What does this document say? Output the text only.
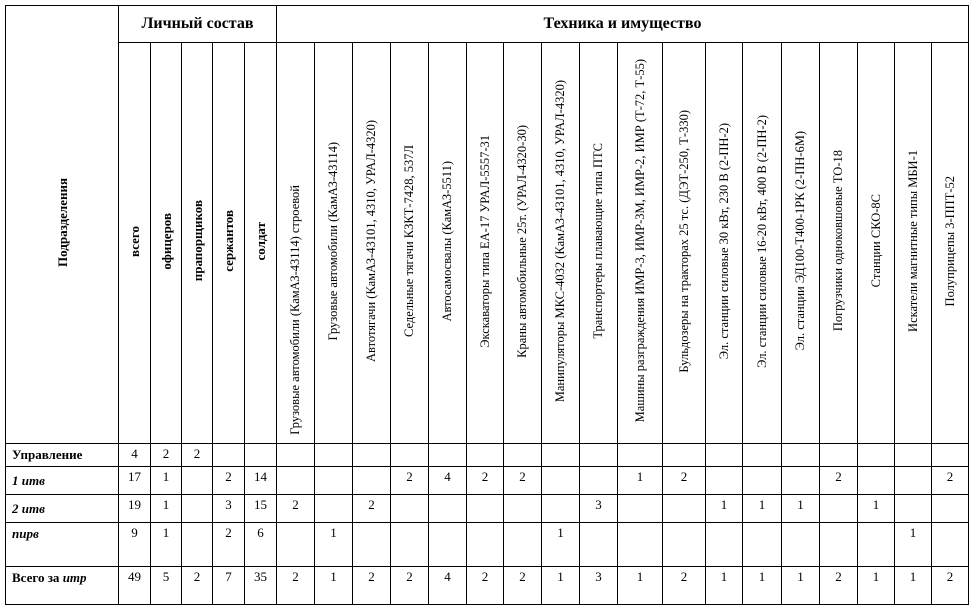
Подразделения	Личный состав					Техника и имущество																	
	всего	офицеров	прапорщиков	сержантов	солдат	Грузовые автомобили (КамАЗ-43114) строевой	Грузовые автомобили (КамАЗ-43114)	Автотягачи (КамАЗ-43101, 4310, УРАЛ-4320)	Седельные тягачи КЗКТ-7428, 537Л	Автосамосвалы (КамАЗ-5511)	Экскаваторы типа ЕА-17 УРАЛ-5557-31	Краны автомобильные 25т. (УРАЛ-4320-30)	Манипуляторы МКС-4032 (КамАЗ-43101, 4310, УРАЛ-4320)	Транспортеры плавающие типа ПТС	Машины разграждения ИМР-3, ИМР-3М, ИМР-2, ИМР (Т-72, Т-55)	Бульдозеры на тракторах 25 тс. (ДЭТ-250, Т-330)	Эл. станции силовые 30 кВт, 230 В (2-ПН-2)	Эл. станции силовые 16-20 кВт, 400 В (2-ПН-2)	Эл. станции ЭД100-Т400-1РК (2-ПН-6М)	Погрузчики одноковшовые ТО-18	Станции СКО-8С	Искатели магнитные типы МБИ-1	Полуприцепы 3-ППТ-52
Управление	4	2	2																				
1 итв	17	1		2	14				2	4	2	2			1	2				2			2
2 итв	19	1		3	15	2		2						3			1	1	1		1		
пирв	9	1		2	6		1						1									1	
Всего за итр	49	5	2	7	35	2	1	2	2	4	2	2	1	3	1	2	1	1	1	2	1	1	2
